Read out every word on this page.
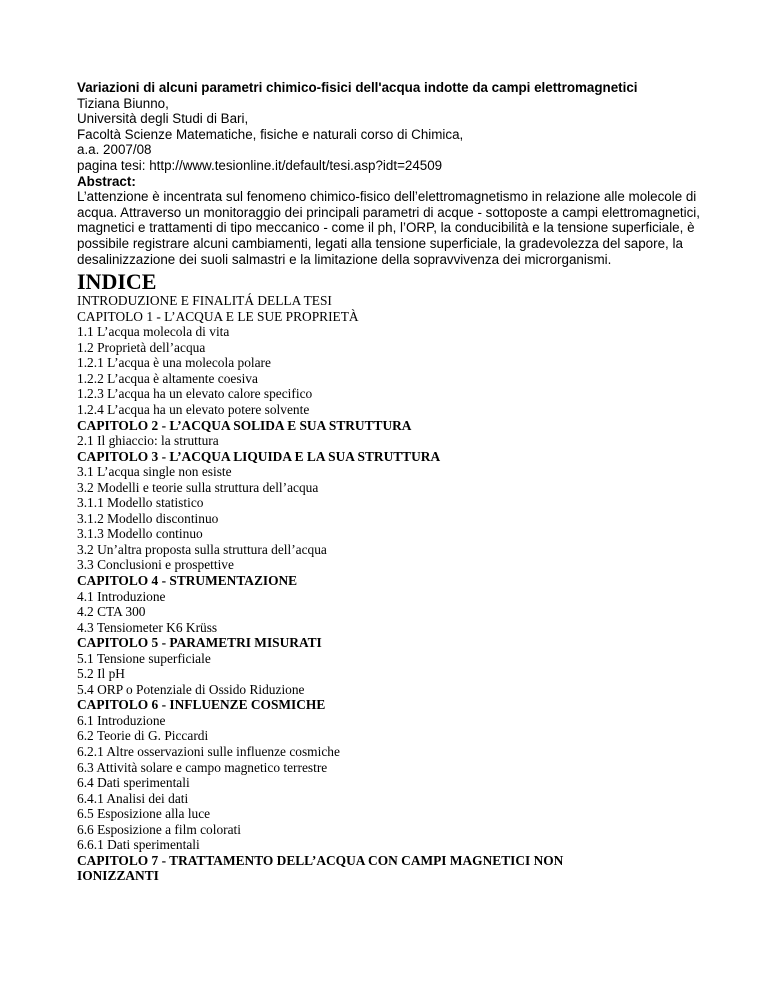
Variazioni di alcuni parametri chimico-fisici dell'acqua indotte da campi elettromagnetici
Tiziana Biunno,
Università degli Studi di Bari,
Facoltà Scienze Matematiche, fisiche e naturali corso di Chimica,
a.a. 2007/08
pagina tesi: http://www.tesionline.it/default/tesi.asp?idt=24509
Abstract:
L’attenzione è incentrata sul fenomeno chimico-fisico dell’elettromagnetismo in relazione alle molecole di acqua. Attraverso un monitoraggio dei principali parametri di acque - sottoposte a campi elettromagnetici, magnetici e trattamenti di tipo meccanico - come il ph, l’ORP, la conducibilità e la tensione superficiale, è possibile registrare alcuni cambiamenti, legati alla tensione superficiale, la gradevolezza del sapore, la desalinizzazione dei suoli salmastri e la limitazione della sopravvivenza dei microrganismi.
INDICE
INTRODUZIONE E FINALITÁ DELLA TESI
CAPITOLO 1 - L’ACQUA E LE SUE PROPRIETÀ
1.1 L’acqua molecola di vita
1.2 Proprietà dell’acqua
1.2.1 L’acqua è una molecola polare
1.2.2 L’acqua è altamente coesiva
1.2.3 L’acqua ha un elevato calore specifico
1.2.4 L’acqua ha un elevato potere solvente
CAPITOLO 2 - L’ACQUA SOLIDA E SUA STRUTTURA
2.1 Il ghiaccio: la struttura
CAPITOLO 3 - L’ACQUA LIQUIDA E LA SUA STRUTTURA
3.1 L’acqua single non esiste
3.2 Modelli e teorie sulla struttura dell’acqua
3.1.1 Modello statistico
3.1.2 Modello discontinuo
3.1.3 Modello continuo
3.2 Un’altra proposta sulla struttura dell’acqua
3.3 Conclusioni e prospettive
CAPITOLO 4 - STRUMENTAZIONE
4.1 Introduzione
4.2 CTA 300
4.3 Tensiometer K6 Krüss
CAPITOLO 5 - PARAMETRI MISURATI
5.1 Tensione superficiale
5.2 Il pH
5.4 ORP o Potenziale di Ossido Riduzione
CAPITOLO 6 - INFLUENZE COSMICHE
6.1 Introduzione
6.2 Teorie di G. Piccardi
6.2.1 Altre osservazioni sulle influenze cosmiche
6.3 Attività solare e campo magnetico terrestre
6.4 Dati sperimentali
6.4.1 Analisi dei dati
6.5 Esposizione alla luce
6.6 Esposizione a film colorati
6.6.1 Dati sperimentali
CAPITOLO 7 - TRATTAMENTO DELL’ACQUA CON CAMPI MAGNETICI NON IONIZZANTI
